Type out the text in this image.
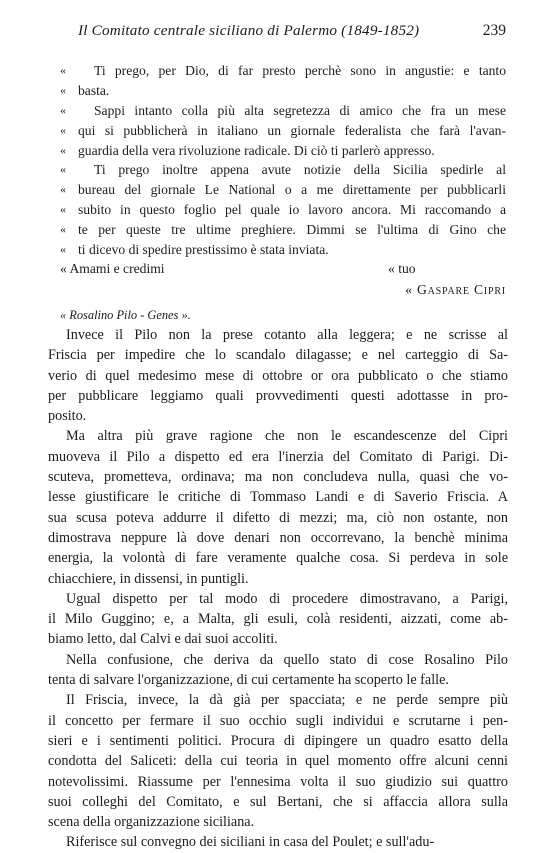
Il Comitato centrale siciliano di Palermo (1849-1852)	239
«	Ti prego, per Dio, di far presto perchè sono in angustie: e tanto
« basta.
«	Sappi intanto colla più alta segretezza di amico che fra un mese
« qui si pubblicherà in italiano un giornale federalista che farà l'avan-
« guardia della vera rivoluzione radicale. Di ciò ti parlerò appresso.
«	Ti prego inoltre appena avute notizie della Sicilia spedirle al
« bureau del giornale Le National o a me direttamente per pubblicarli
« subito in questo foglio pel quale io lavoro ancora. Mi raccomando a
« te per queste tre ultime preghiere. Dimmi se l'ultima di Gino che
« ti dicevo di spedire prestissimo è stata inviata.
« Amami e credimi	« tuo
« Gaspare Cipri
« Rosalino Pilo - Genes ».
Invece il Pilo non la prese cotanto alla leggera; e ne scrisse al
Friscia per impedire che lo scandalo dilagasse; e nel carteggio di Sa-
verio di quel medesimo mese di ottobre or ora pubblicato o che stiamo
per pubblicare leggiamo quali provvedimenti questi adottasse in pro-
posito.
Ma altra più grave ragione che non le escandescenze del Cipri
muoveva il Pilo a dispetto ed era l'inerzia del Comitato di Parigi. Di-
scuteva, prometteva, ordinava; ma non concludeva nulla, quasi che vo-
lesse giustificare le critiche di Tommaso Landi e di Saverio Friscia. A
sua scusa poteva addurre il difetto di mezzi; ma, ciò non ostante, non
dimostrava neppure là dove denari non occorrevano, la benchè minima
energia, la volontà di fare veramente qualche cosa. Si perdeva in sole
chiacchiere, in dissensi, in puntigli.
Ugual dispetto per tal modo di procedere dimostravano, a Parigi,
il Milo Guggino; e, a Malta, gli esuli, colà residenti, aizzati, come ab-
biamo letto, dal Calvi e dai suoi accoliti.
Nella confusione, che deriva da quello stato di cose Rosalino Pilo
tenta di salvare l'organizzazione, di cui certamente ha scoperto le falle.
Il Friscia, invece, la dà già per spacciata; e ne perde sempre più
il concetto per fermare il suo occhio sugli individui e scrutarne i pen-
sieri e i sentimenti politici. Procura di dipingere un quadro esatto della
condotta del Saliceti: della cui teoria in quel momento offre alcuni cenni
notevolissimi. Riassume per l'ennesima volta il suo giudizio sui quattro
suoi colleghi del Comitato, e sul Bertani, che si affaccia allora sulla
scena della organizzazione siciliana.
Riferisce sul convegno dei siciliani in casa del Poulet; e sull'adu-
